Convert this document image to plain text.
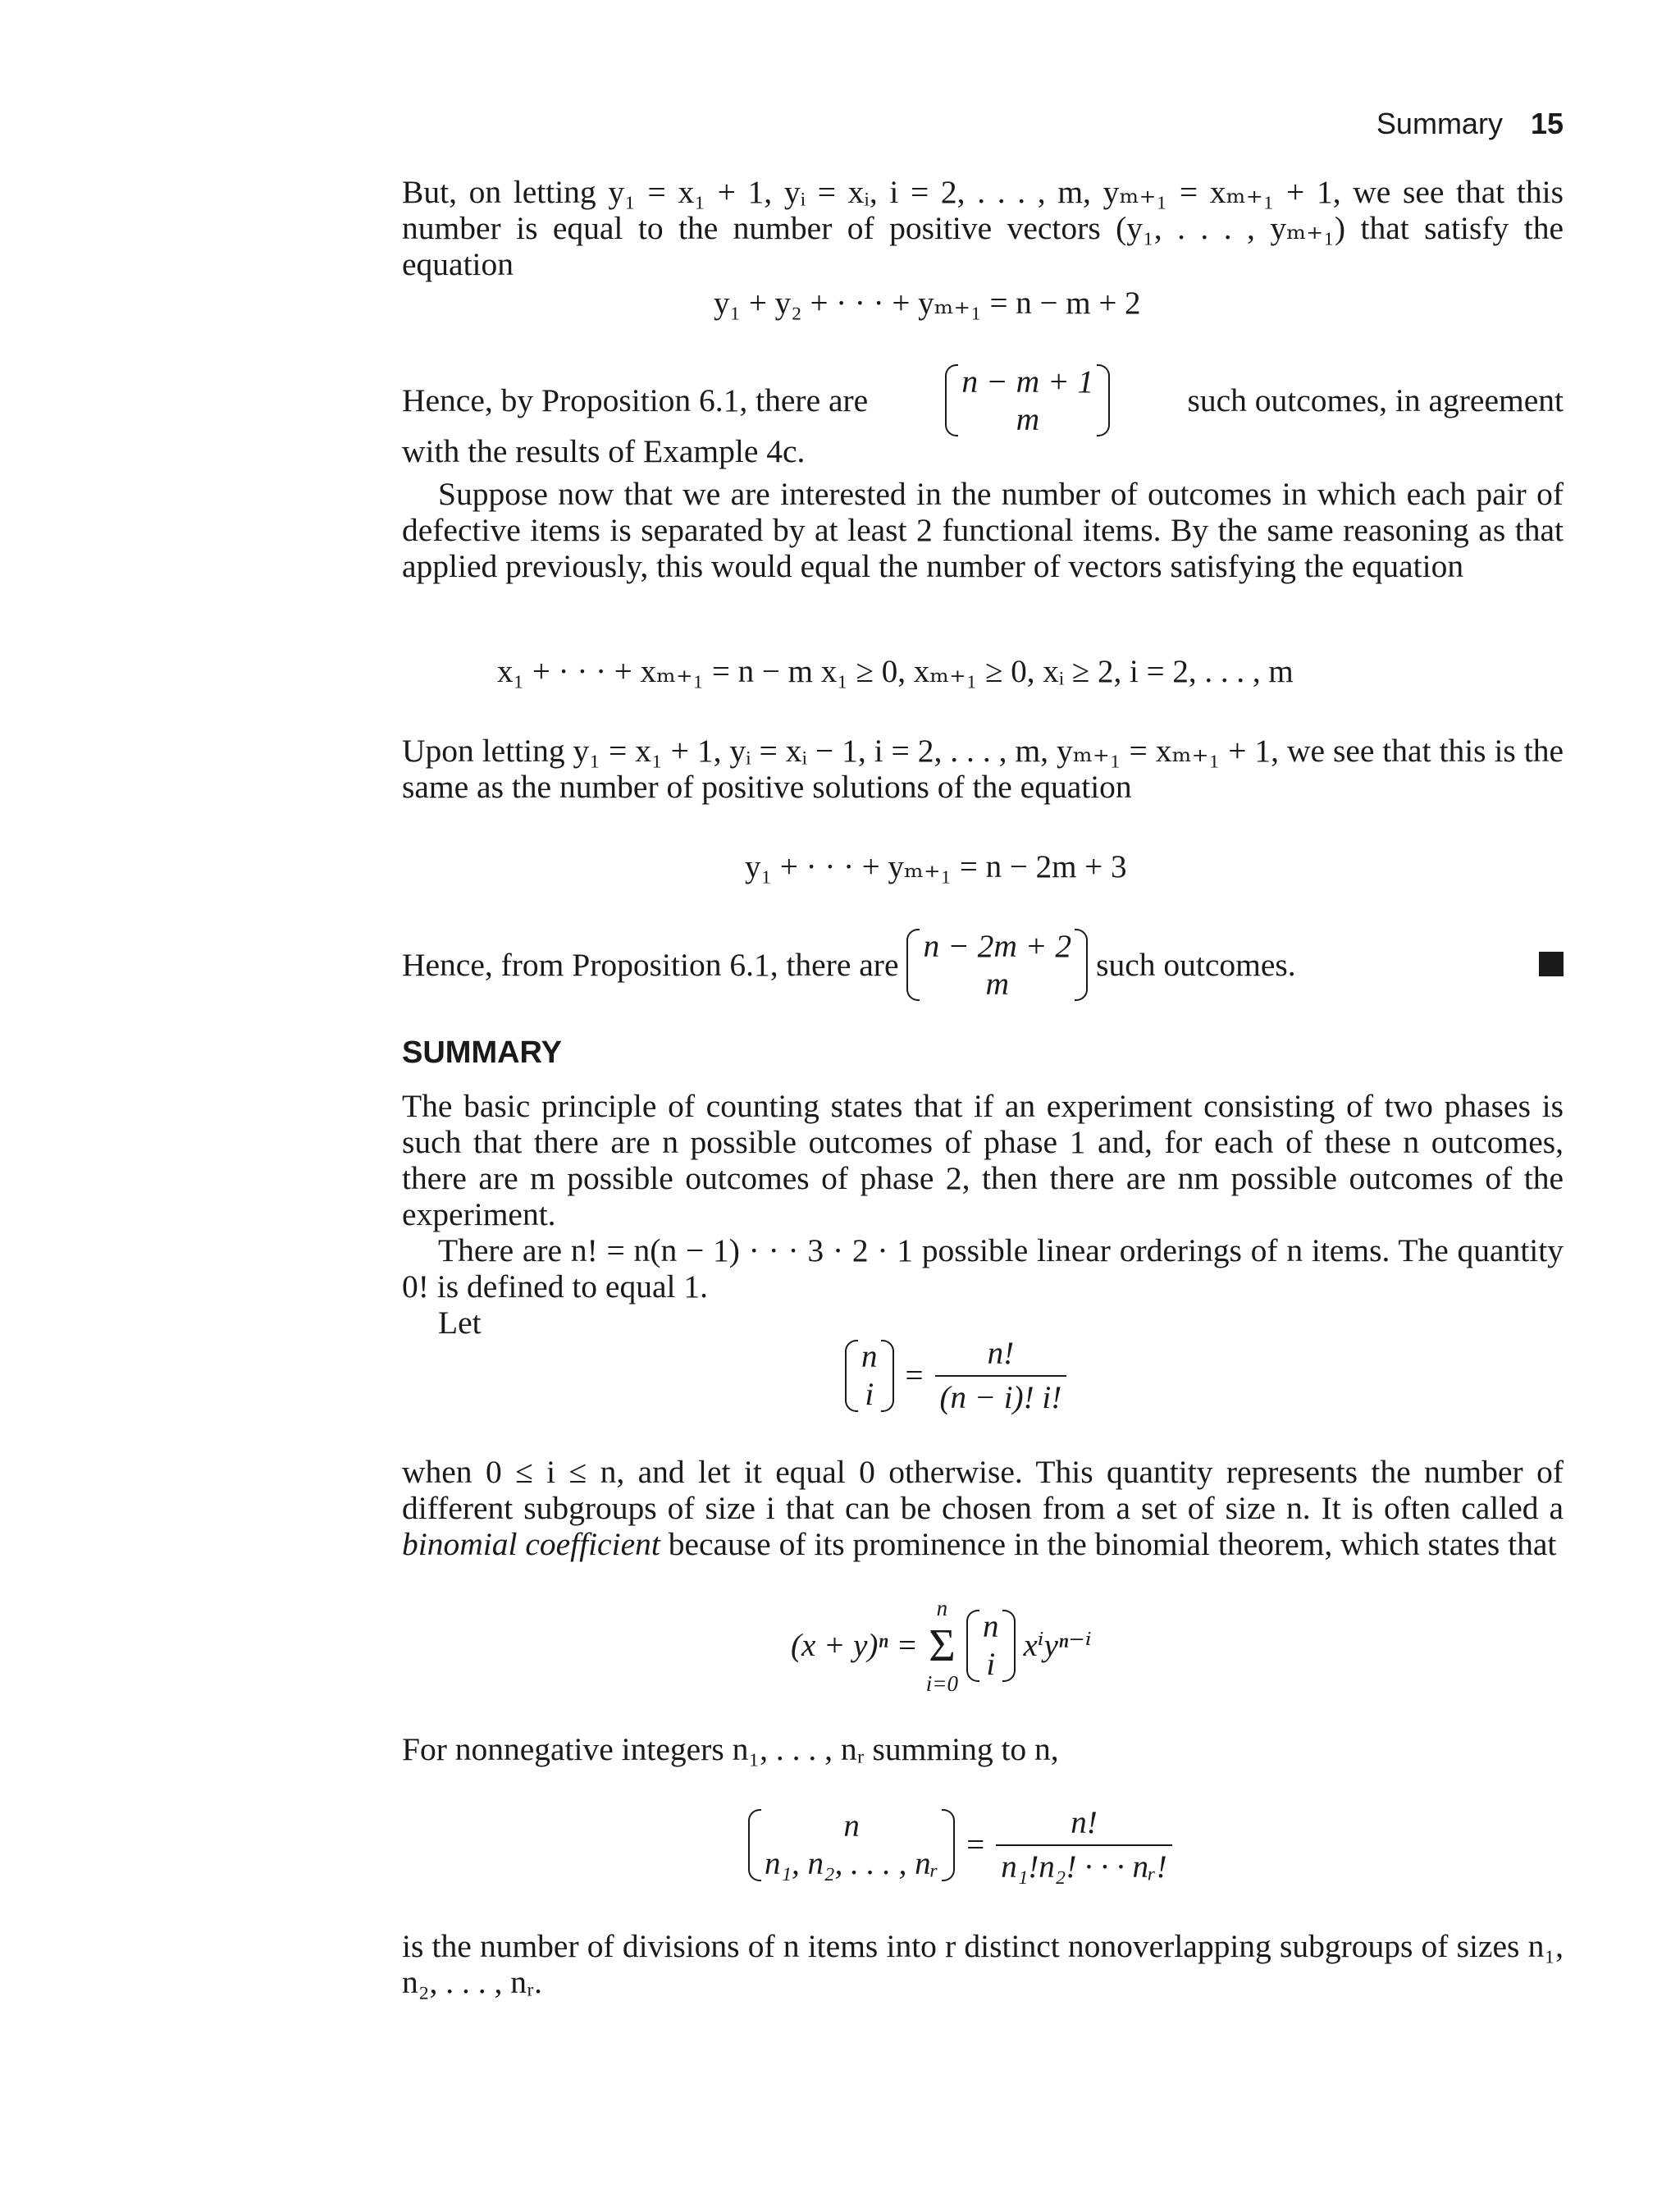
Summary 15
But, on letting y₁ = x₁ + 1, yᵢ = xᵢ, i = 2, . . . , m, yₘ₊₁ = xₘ₊₁ + 1, we see that this number is equal to the number of positive vectors (y₁, . . . , yₘ₊₁) that satisfy the equation
y₁ + y₂ + · · · + yₘ₊₁ = n − m + 2
Hence, by Proposition 6.1, there are
n − m + 1
m
such outcomes, in agreement
with the results of Example 4c.
Suppose now that we are interested in the number of outcomes in which each pair of defective items is separated by at least 2 functional items. By the same reasoning as that applied previously, this would equal the number of vectors satisfying the equation
x₁ + · · · + xₘ₊₁ = n − m x₁ ≥ 0, xₘ₊₁ ≥ 0, xᵢ ≥ 2, i = 2, . . . , m
Upon letting y₁ = x₁ + 1, yᵢ = xᵢ − 1, i = 2, . . . , m, yₘ₊₁ = xₘ₊₁ + 1, we see that this is the same as the number of positive solutions of the equation
y₁ + · · · + yₘ₊₁ = n − 2m + 3
Hence, from Proposition 6.1, there are
n − 2m + 2
m
such outcomes.
SUMMARY
The basic principle of counting states that if an experiment consisting of two phases is such that there are n possible outcomes of phase 1 and, for each of these n outcomes, there are m possible outcomes of phase 2, then there are nm possible outcomes of the experiment.
There are n! = n(n − 1) · · · 3 · 2 · 1 possible linear orderings of n items. The quantity 0! is defined to equal 1.
Let
n
i
= $\frac{n!}{(n - i)! i!}$
when 0 ≤ i ≤ n, and let it equal 0 otherwise. This quantity represents the number of different subgroups of size i that can be chosen from a set of size n. It is often called a binomial coefficient because of its prominence in the binomial theorem, which states that
(x + y)ⁿ =
n
Σ
i=0
n
i
xⁱyⁿ⁻ⁱ
For nonnegative integers n₁, . . . , nᵣ summing to n,
n
n₁, n₂, . . . , nᵣ
= $\frac{n!}{\text{n₁!n₂! · · · nᵣ!}}$
is the number of divisions of n items into r distinct nonoverlapping subgroups of sizes n₁, n₂, . . . , nᵣ.
